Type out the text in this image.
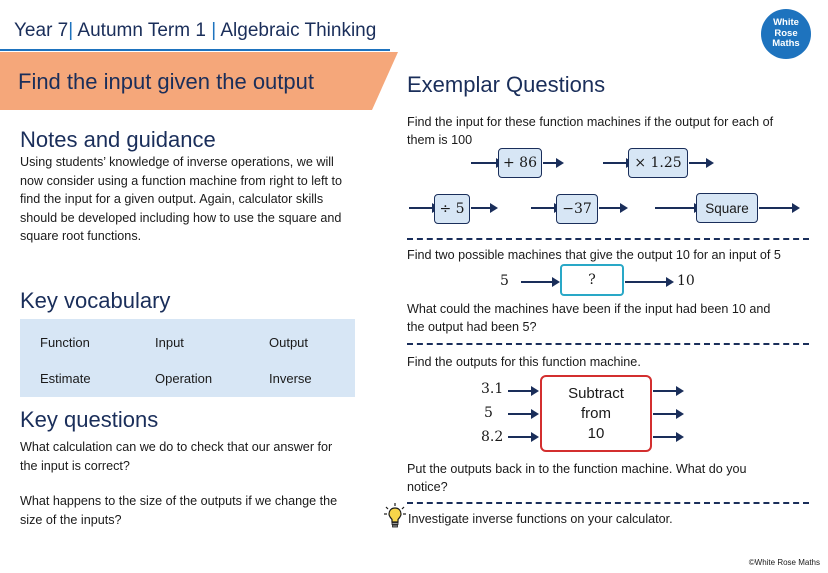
Year 7| Autumn Term 1 | Algebraic Thinking	White
Rose
Maths
Find the input given the output
Notes and guidance
Using students’ knowledge of inverse operations, we will
now consider using a function machine from right to left to
find the input for a given output. Again, calculator skills
should be developed including how to use the square and
square root functions.
Key vocabulary
Function	Input	Output
Estimate	Operation	Inverse
Key questions
What calculation can we do to check that our answer for
the input is correct?
What happens to the size of the outputs if we change the
size of the inputs?
Exemplar Questions
Find the input for these function machines if the output for each of
them is 100
+ 86	× 1.25
÷ 5	−37	Square
Find two possible machines that give the output 10 for an input of 5
5	?	10
What could the machines have been if the input had been 10 and
the output had been 5?
Find the outputs for this function machine.
3.1
5
8.2
Subtract
from
10
Put the outputs back in to the function machine. What do you
notice?
Investigate inverse functions on your calculator.
©White Rose Maths
